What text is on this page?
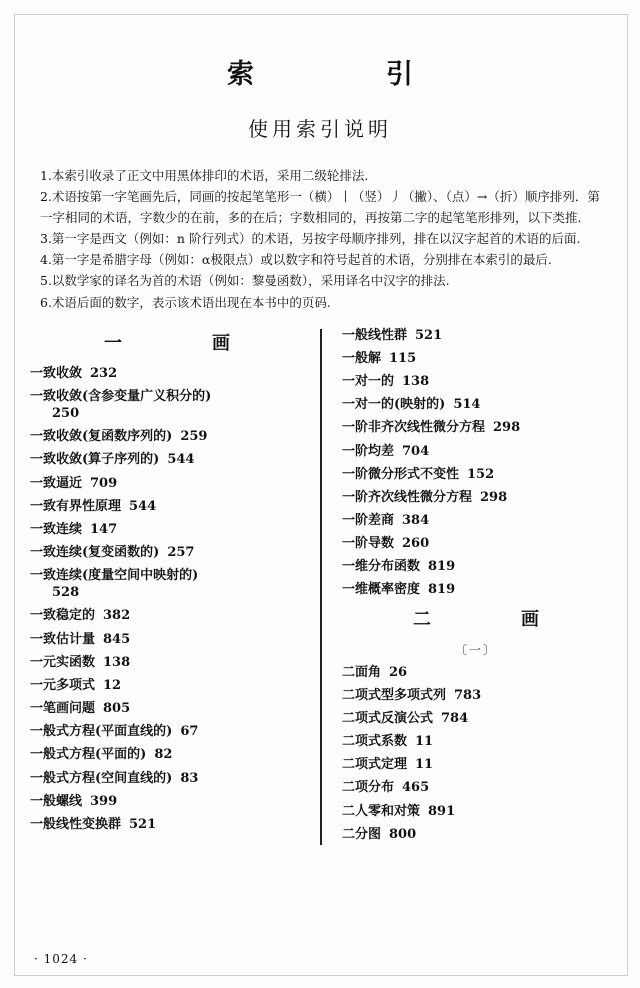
索　　引
使用索引说明
1.本索引收录了正文中用黑体排印的术语，采用二级轮排法.
2.术语按第一字笔画先后，同画的按起笔笔形一（横）丨（竖）丿（撇）、（点）→（折）顺序排列．第一字相同的术语，字数少的在前，多的在后；字数相同的，再按第二字的起笔笔形排列，以下类推.
3.第一字是西文（例如：n 阶行列式）的术语，另按字母顺序排列，排在以汉字起首的术语的后面.
4.第一字是希腊字母（例如：α极限点）或以数字和符号起首的术语，分别排在本索引的最后.
5.以数学家的译名为首的术语（例如：黎曼函数），采用译名中汉字的排法.
6.术语后面的数字，表示该术语出现在本书中的页码.
一　　画
一致收敛 232
一致收敛(含参变量广义积分的)
250
一致收敛(复函数序列的) 259
一致收敛(算子序列的) 544
一致逼近 709
一致有界性原理 544
一致连续 147
一致连续(复变函数的) 257
一致连续(度量空间中映射的)
528
一致稳定的 382
一致估计量 845
一元实函数 138
一元多项式 12
一笔画问题 805
一般式方程(平面直线的) 67
一般式方程(平面的) 82
一般式方程(空间直线的) 83
一般螺线 399
一般线性变换群 521
一般线性群 521
一般解 115
一对一的 138
一对一的(映射的) 514
一阶非齐次线性微分方程 298
一阶均差 704
一阶微分形式不变性 152
一阶齐次线性微分方程 298
一阶差商 384
一阶导数 260
一维分布函数 819
一维概率密度 819
二　　画
〔一〕
二面角 26
二项式型多项式列 783
二项式反演公式 784
二项式系数 11
二项式定理 11
二项分布 465
二人零和对策 891
二分图 800
· 1024 ·
